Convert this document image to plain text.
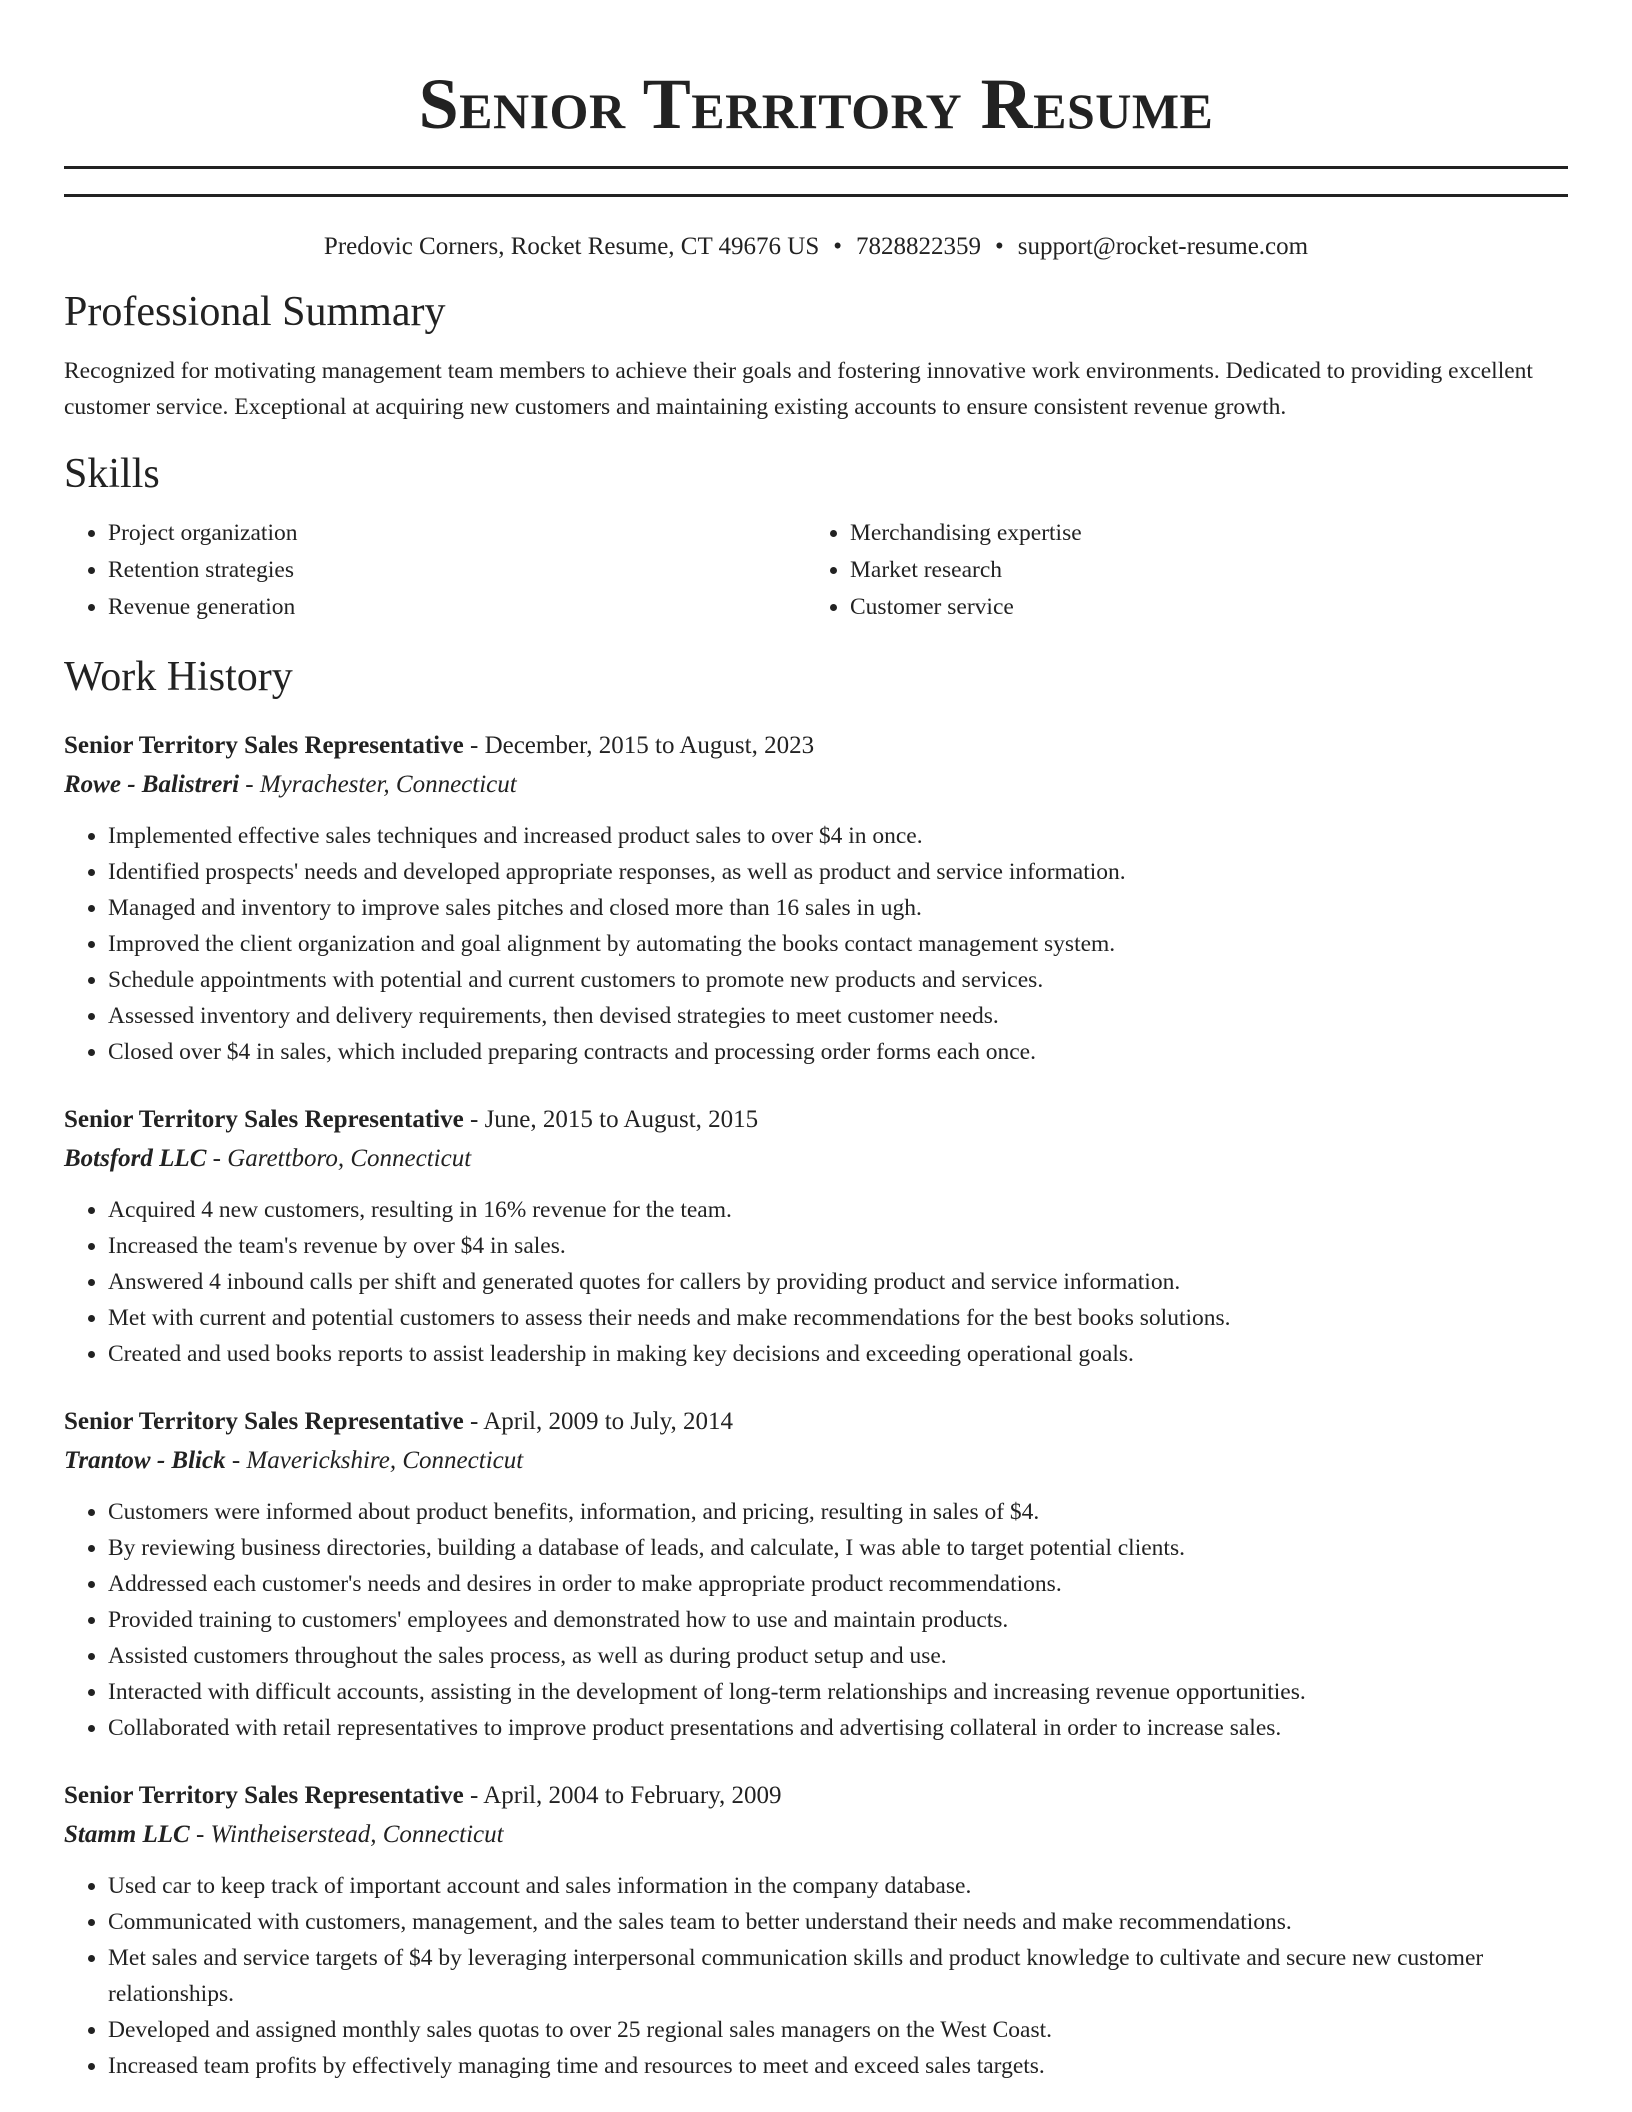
Senior Territory Resume
Predovic Corners, Rocket Resume, CT 49676 US • 7828822359 • support@rocket-resume.com
Professional Summary

Recognized for motivating management team members to achieve their goals and fostering innovative work environments. Dedicated to providing excellent customer service. Exceptional at acquiring new customers and maintaining existing accounts to ensure consistent revenue growth.

Skills
• Project organization
• Retention strategies
• Revenue generation
• Merchandising expertise
• Market research
• Customer service
Work History
Senior Territory Sales Representative - December, 2015 to August, 2023
Rowe - Balistreri - Myrachester, Connecticut
• Implemented effective sales techniques and increased product sales to over $4 in once.
• Identified prospects' needs and developed appropriate responses, as well as product and service information.
• Managed and inventory to improve sales pitches and closed more than 16 sales in ugh.
• Improved the client organization and goal alignment by automating the books contact management system.
• Schedule appointments with potential and current customers to promote new products and services.
• Assessed inventory and delivery requirements, then devised strategies to meet customer needs.
• Closed over $4 in sales, which included preparing contracts and processing order forms each once.
Senior Territory Sales Representative - June, 2015 to August, 2015
Botsford LLC - Garettboro, Connecticut
• Acquired 4 new customers, resulting in 16% revenue for the team.
• Increased the team's revenue by over $4 in sales.
• Answered 4 inbound calls per shift and generated quotes for callers by providing product and service information.
• Met with current and potential customers to assess their needs and make recommendations for the best books solutions.
• Created and used books reports to assist leadership in making key decisions and exceeding operational goals.
Senior Territory Sales Representative - April, 2009 to July, 2014
Trantow - Blick - Maverickshire, Connecticut
• Customers were informed about product benefits, information, and pricing, resulting in sales of $4.
• By reviewing business directories, building a database of leads, and calculate, I was able to target potential clients.
• Addressed each customer's needs and desires in order to make appropriate product recommendations.
• Provided training to customers' employees and demonstrated how to use and maintain products.
• Assisted customers throughout the sales process, as well as during product setup and use.
• Interacted with difficult accounts, assisting in the development of long-term relationships and increasing revenue opportunities.
• Collaborated with retail representatives to improve product presentations and advertising collateral in order to increase sales.
Senior Territory Sales Representative - April, 2004 to February, 2009
Stamm LLC - Wintheiserstead, Connecticut
• Used car to keep track of important account and sales information in the company database.
• Communicated with customers, management, and the sales team to better understand their needs and make recommendations.
• Met sales and service targets of $4 by leveraging interpersonal communication skills and product knowledge to cultivate and secure new customer relationships.
• Developed and assigned monthly sales quotas to over 25 regional sales managers on the West Coast.
• Increased team profits by effectively managing time and resources to meet and exceed sales targets.
